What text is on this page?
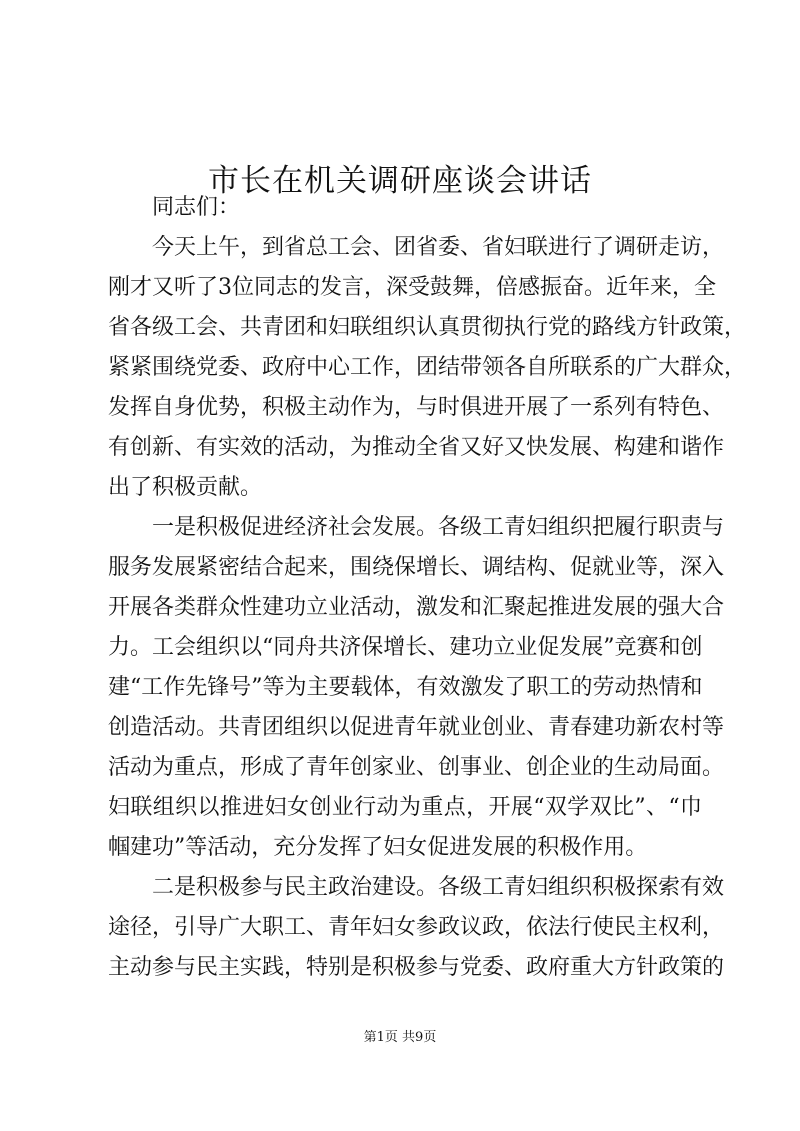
市长在机关调研座谈会讲话
同志们：
今天上午，到省总工会、团省委、省妇联进行了调研走访，
刚才又听了3位同志的发言，深受鼓舞，倍感振奋。近年来，全
省各级工会、共青团和妇联组织认真贯彻执行党的路线方针政策，
紧紧围绕党委、政府中心工作，团结带领各自所联系的广大群众，
发挥自身优势，积极主动作为，与时俱进开展了一系列有特色、
有创新、有实效的活动，为推动全省又好又快发展、构建和谐作
出了积极贡献。
一是积极促进经济社会发展。各级工青妇组织把履行职责与
服务发展紧密结合起来，围绕保增长、调结构、促就业等，深入
开展各类群众性建功立业活动，激发和汇聚起推进发展的强大合
力。工会组织以“同舟共济保增长、建功立业促发展”竞赛和创
建“工作先锋号”等为主要载体，有效激发了职工的劳动热情和
创造活动。共青团组织以促进青年就业创业、青春建功新农村等
活动为重点，形成了青年创家业、创事业、创企业的生动局面。
妇联组织以推进妇女创业行动为重点，开展“双学双比”、“巾
帼建功”等活动，充分发挥了妇女促进发展的积极作用。
二是积极参与民主政治建设。各级工青妇组织积极探索有效
途径，引导广大职工、青年妇女参政议政，依法行使民主权利，
主动参与民主实践，特别是积极参与党委、政府重大方针政策的
第1页 共9页
